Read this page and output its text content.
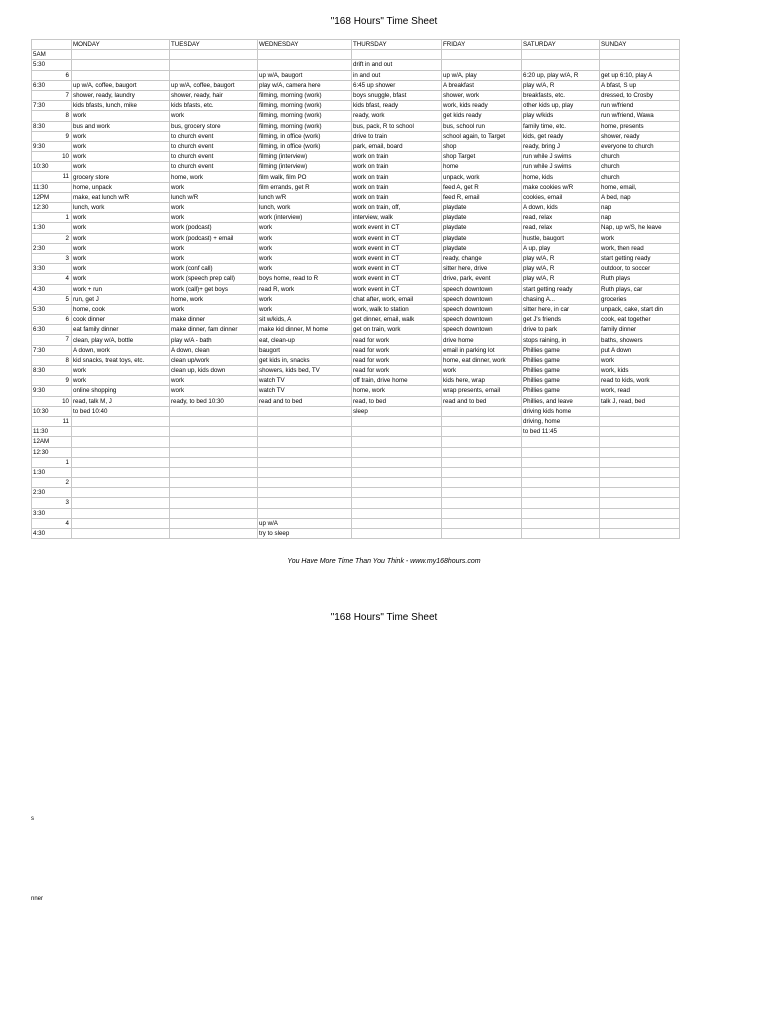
"168 Hours" Time Sheet
	MONDAY	TUESDAY	WEDNESDAY	THURSDAY	FRIDAY	SATURDAY	SUNDAY
5AM

5:30				drift in and out			

6			up w/A, baugort	in and out	up w/A, play	6:20 up, play w/A, R	get up 6:10, play A
6:30	up w/A, coffee, baugort	up w/A, coffee, baugort	play w/A, camera here	6:45 up shower	A breakfast	play w/A, R	A bfast, S up

7	shower, ready, laundry	shower, ready, hair	filming, morning (work)	boys snuggle, bfast	shower, work	breakfasts, etc.	dressed, to Crosby
7:30	kids bfasts, lunch, mike	kids bfasts, etc.	filming, morning (work)	kids bfast, ready	work, kids ready	other kids up, play	run w/friend

8	work	work	filming, morning (work)	ready, work	get kids ready	play w/kids	run w/friend, Wawa
8:30	bus and work	bus, grocery store	filming, morning (work)	bus, pack, R to school	bus, school run	family time, etc.	home, presents

9	work	to church event	filming, in office (work)	drive to train	school again, to Target	kids, get ready	shower, ready
9:30	work	to church event	filming, in office (work)	park, email, board	shop	ready, bring J	everyone to church

10	work	to church event	filming (interview)	work on train	shop Target	run while J swims	church
10:30	work	to church event	filming (interview)	work on train	home	run while J swims	church

11	grocery store	home, work	film walk, film PO	work on train	unpack, work	home, kids	church
11:30	home, unpack	work	film errands, get R	work on train	feed A, get R	make cookies w/R	home, email,
12PM	make, eat lunch w/R	lunch w/R	lunch w/R	work on train	feed R, email	cookies, email	A bed, nap
12:30	lunch, work	work	lunch, work	work on train, off,	playdate	A down, kids	nap

1	work	work	work (interview)	interview, walk	playdate	read, relax	nap
1:30	work	work (podcast)	work	work event in CT	playdate	read, relax	Nap, up w/S, he leave

2	work	work (podcast) + email	work	work event in CT	playdate	hustle, baugort	work
2:30	work	work	work	work event in CT	playdate	A up, play	work, then read

3	work	work	work	work event in CT	ready, change	play w/A, R	start getting ready
3:30	work	work (conf call)	work	work event in CT	sitter here, drive	play w/A, R	outdoor, to soccer

4	work	work (speech prep call)	boys home, read to R	work event in CT	drive, park, event	play w/A, R	Ruth plays
4:30	work + run	work (call)+ get boys	read R, work	work event in CT	speech downtown	start getting ready	Ruth plays, car

5	run, get J	home, work	work	chat after, work, email	speech downtown	chasing A...	groceries
5:30	home, cook	work	work	work, walk to station	speech downtown	sitter here, in car	unpack, cake, start din

6	cook dinner	make dinner	sit w/kids, A	get dinner, email, walk	speech downtown	get J's friends	cook, eat together
6:30	eat family dinner	make dinner, fam dinner	make kid dinner, M home	get on train, work	speech downtown	drive to park	family dinner

7	clean, play w/A, bottle	play w/A - bath	eat, clean-up	read for work	drive home	stops raining, in	baths, showers
7:30	A down, work	A down, clean	baugort	read for work	email in parking lot	Phillies game	put A down

8	kid snacks, treat toys, etc.	clean up/work	get kids in, snacks	read for work	home, eat dinner, work	Phillies game	work
8:30	work	clean up, kids down	showers, kids bed, TV	read for work	work	Phillies game	work, kids

9	work	work	watch TV	off train, drive home	kids here, wrap	Phillies game	read to kids, work
9:30	online shopping	work	watch TV	home, work	wrap presents, email	Phillies game	work, read

10	read, talk M, J	ready, to bed 10:30	read and to bed	read, to bed	read and to bed	Phillies, and leave	talk J, read, bed
10:30	to bed 10:40			sleep		driving kids home	

11						driving, home	
11:30						to bed 11:45	
12AM

12:30

1							

1:30

2							

2:30

3							

3:30

4			up w/A				
4:30			try to sleep				
You Have More Time Than You Think - www.my168hours.com
"168 Hours" Time Sheet
s
nner
